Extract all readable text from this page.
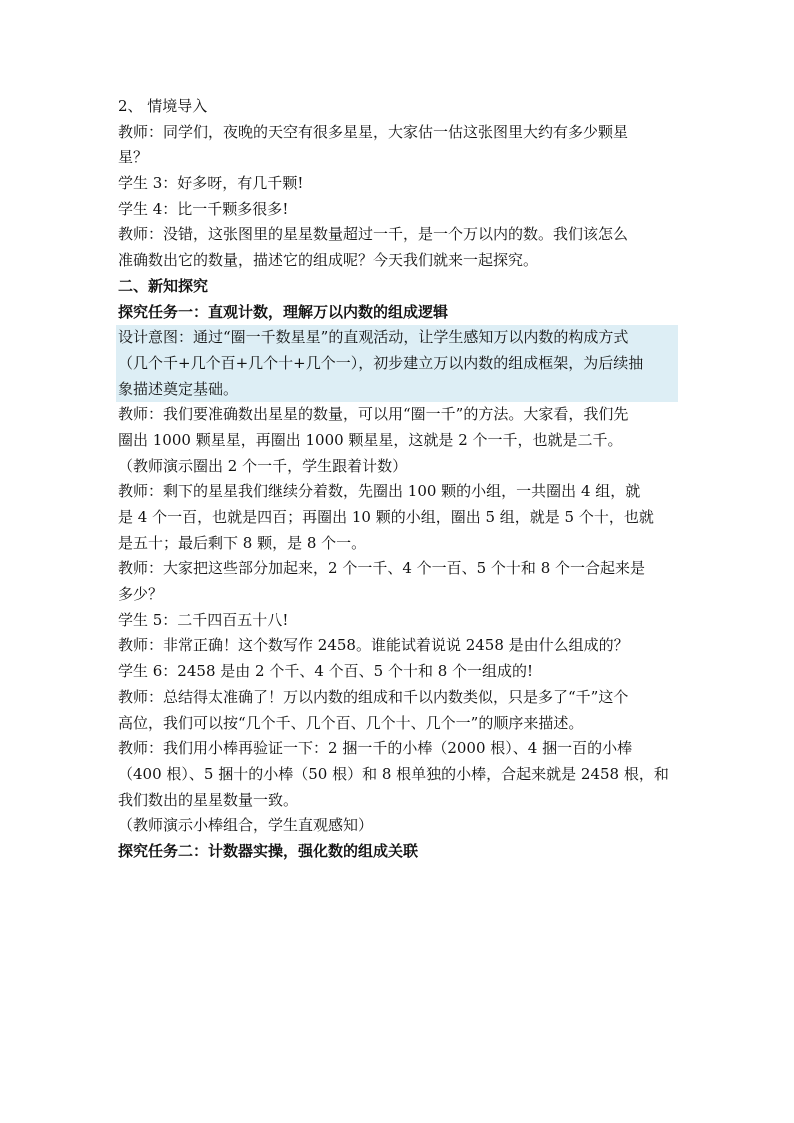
2、 情境导入
教师：同学们，夜晚的天空有很多星星，大家估一估这张图里大约有多少颗星
星？
学生 3：好多呀，有几千颗!
学生 4：比一千颗多很多!
教师：没错，这张图里的星星数量超过一千，是一个万以内的数。我们该怎么
准确数出它的数量，描述它的组成呢？今天我们就来一起探究。
二、新知探究
探究任务一：直观计数，理解万以内数的组成逻辑
设计意图：通过“圈一千数星星”的直观活动，让学生感知万以内数的构成方式
（几个千+几个百+几个十+几个一），初步建立万以内数的组成框架，为后续抽
象描述奠定基础。
教师：我们要准确数出星星的数量，可以用“圈一千”的方法。大家看，我们先
圈出 1000 颗星星，再圈出 1000 颗星星，这就是 2 个一千，也就是二千。
（教师演示圈出 2 个一千，学生跟着计数）
教师：剩下的星星我们继续分着数，先圈出 100 颗的小组，一共圈出 4 组，就
是 4 个一百，也就是四百；再圈出 10 颗的小组，圈出 5 组，就是 5 个十，也就
是五十；最后剩下 8 颗，是 8 个一。
教师：大家把这些部分加起来，2 个一千、4 个一百、5 个十和 8 个一合起来是
多少？
学生 5：二千四百五十八!
教师：非常正确！这个数写作 2458。谁能试着说说 2458 是由什么组成的？
学生 6：2458 是由 2 个千、4 个百、5 个十和 8 个一组成的!
教师：总结得太准确了！万以内数的组成和千以内数类似，只是多了“千”这个
高位，我们可以按“几个千、几个百、几个十、几个一”的顺序来描述。
教师：我们用小棒再验证一下：2 捆一千的小棒（2000 根）、4 捆一百的小棒
（400 根）、5 捆十的小棒（50 根）和 8 根单独的小棒，合起来就是 2458 根，和
我们数出的星星数量一致。
（教师演示小棒组合，学生直观感知）
探究任务二：计数器实操，强化数的组成关联
